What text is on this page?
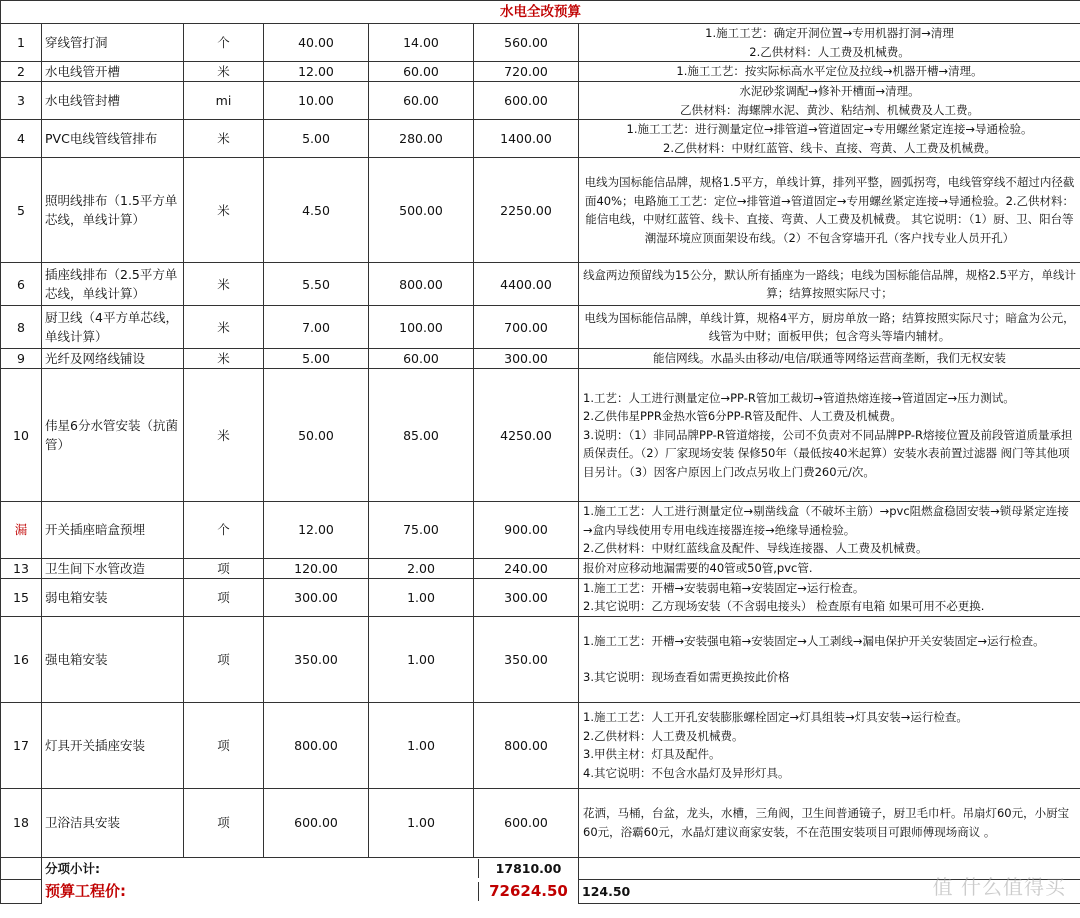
水电全改预算
1	穿线管打洞	个	40.00	14.00	560.00	
1.施工工艺：确定开洞位置→专用机器打洞→清理
2.乙供材料：人工费及机械费。

2	水电线管开槽	米	12.00	60.00	720.00	1.施工工艺：按实际标高水平定位及拉线→机器开槽→清理。

3	水电线管封槽	mi	10.00	60.00	600.00	
水泥砂浆调配→修补开槽面→清理。
乙供材料：海螺牌水泥、黄沙、粘结剂、机械费及人工费。

4	PVC电线管线管排布	米	5.00	280.00	1400.00	
1.施工工艺：进行测量定位→排管道→管道固定→专用螺丝紧定连接→导通检验。
2.乙供材料：中财红蓝管、线卡、直接、弯黄、人工费及机械费。

5	照明线排布（1.5平方单芯线，单线计算）	米	4.50	500.00	2250.00	
电线为国标能信品牌，规格1.5平方，单线计算，排列平整，圆弧拐弯，电线管穿线不超过内径截面40%；电路施工工艺：定位→排管道→管道固定→专用螺丝紧定连接→导通检验。2.乙供材料：能信电线，中财红蓝管、线卡、直接、弯黄、人工费及机械费。 其它说明：（1）厨、卫、阳台等潮湿环境应顶面架设布线。（2）不包含穿墙开孔（客户找专业人员开孔）

6	插座线排布（2.5平方单芯线，单线计算）	米	5.50	800.00	4400.00	
线盒两边预留线为15公分，默认所有插座为一路线；电线为国标能信品牌，规格2.5平方，单线计算；结算按照实际尺寸；

8	厨卫线（4平方单芯线，单线计算）	米	7.00	100.00	700.00	
电线为国标能信品牌，单线计算，规格4平方，厨房单放一路；结算按照实际尺寸；暗盒为公元，线管为中财；面板甲供；包含弯头等墙内辅材。

9	光纤及网络线铺设	米	5.00	60.00	300.00	能信网线。水晶头由移动/电信/联通等网络运营商垄断，我们无权安装

10	伟星6分水管安装（抗菌管）	米	50.00	85.00	4250.00	
1.工艺：人工进行测量定位→PP-R管加工裁切→管道热熔连接→管道固定→压力测试。
2.乙供伟星PPR金热水管6分PP-R管及配件、人工费及机械费。
3.说明：（1）非同品牌PP-R管道熔接，公司不负责对不同品牌PP-R熔接位置及前段管道质量承担质保责任。（2）厂家现场安装 保修50年（最低按40米起算）安装水表前置过滤器 阀门等其他项目另计。（3）因客户原因上门改点另收上门费260元/次。

漏	开关插座暗盒预埋	个	12.00	75.00	900.00	
1.施工工艺：人工进行测量定位→剔凿线盒（不破坏主筋）→pvc阻燃盒稳固安装→锁母紧定连接→盒内导线使用专用电线连接器连接→绝缘导通检验。
2.乙供材料：中财红蓝线盒及配件、导线连接器、人工费及机械费。

13	卫生间下水管改造	项	120.00	2.00	240.00	报价对应移动地漏需要的40管或50管,pvc管.

15	弱电箱安装	项	300.00	1.00	300.00	
1.施工工艺：开槽→安装弱电箱→安装固定→运行检查。
2.其它说明：乙方现场安装（不含弱电接头） 检查原有电箱 如果可用不必更换.

16	强电箱安装	项	350.00	1.00	350.00	
1.施工工艺：开槽→安装强电箱→安装固定→人工剥线→漏电保护开关安装固定→运行检查。
3.其它说明：现场查看如需更换按此价格

17	灯具开关插座安装	项	800.00	1.00	800.00	
1.施工工艺：人工开孔安装膨胀螺栓固定→灯具组装→灯具安装→运行检查。
2.乙供材料：人工费及机械费。
3.甲供主材：灯具及配件。
4.其它说明：不包含水晶灯及异形灯具。

18	卫浴洁具安装	项	600.00	1.00	600.00	
花洒，马桶，台盆，龙头，水槽，三角阀，卫生间普通镜子，厨卫毛巾杆。吊扇灯60元，小厨宝60元，浴霸60元，水晶灯建议商家安装，不在范围安装项目可跟师傅现场商议 。

分项小计:	17810.00

预算工程价:	72624.50
	124.50	值 什么值得买
